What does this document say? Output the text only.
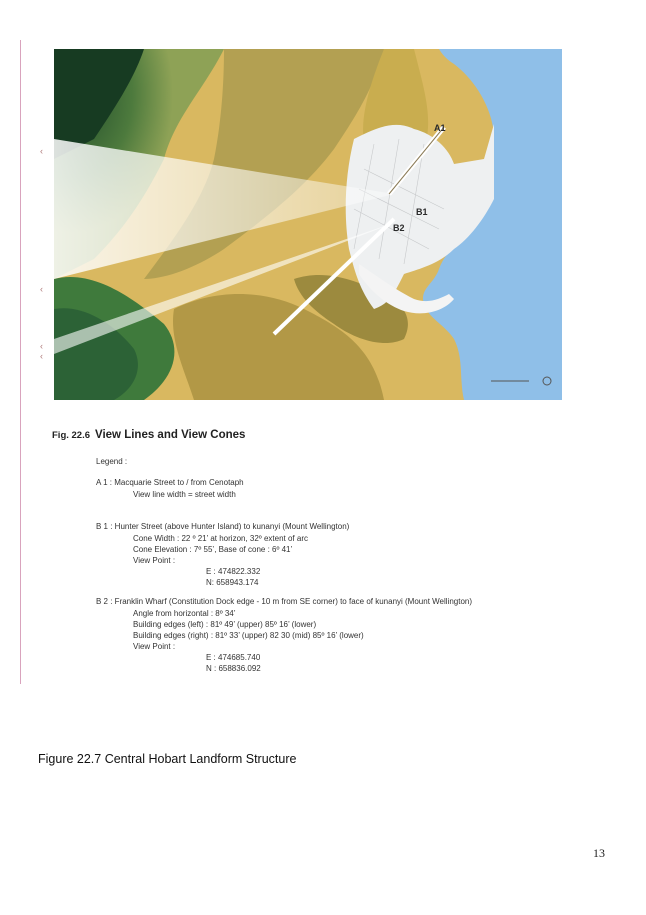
A1
B1
B2
‹
‹
‹
‹
Fig. 22.6 View Lines and View Cones
Legend :
A 1 : Macquarie Street to / from Cenotaph
View line width = street width
B 1 : Hunter Street (above Hunter Island) to kunanyi (Mount Wellington)
Cone Width : 22 º 21’ at horizon, 32º extent of arc
Cone Elevation : 7º 55’, Base of cone : 6º 41’
View Point :
E : 474822.332
N: 658943.174
B 2 : Franklin Wharf (Constitution Dock edge - 10 m from SE corner) to face of kunanyi (Mount Wellington)
Angle from horizontal : 8º 34’
Building edges (left) : 81º 49’ (upper) 85º 16’ (lower)
Building edges (right) : 81º 33’ (upper) 82 30 (mid) 85º 16’ (lower)
View Point :
E : 474685.740
N : 658836.092
Figure 22.7 Central Hobart Landform Structure
13
